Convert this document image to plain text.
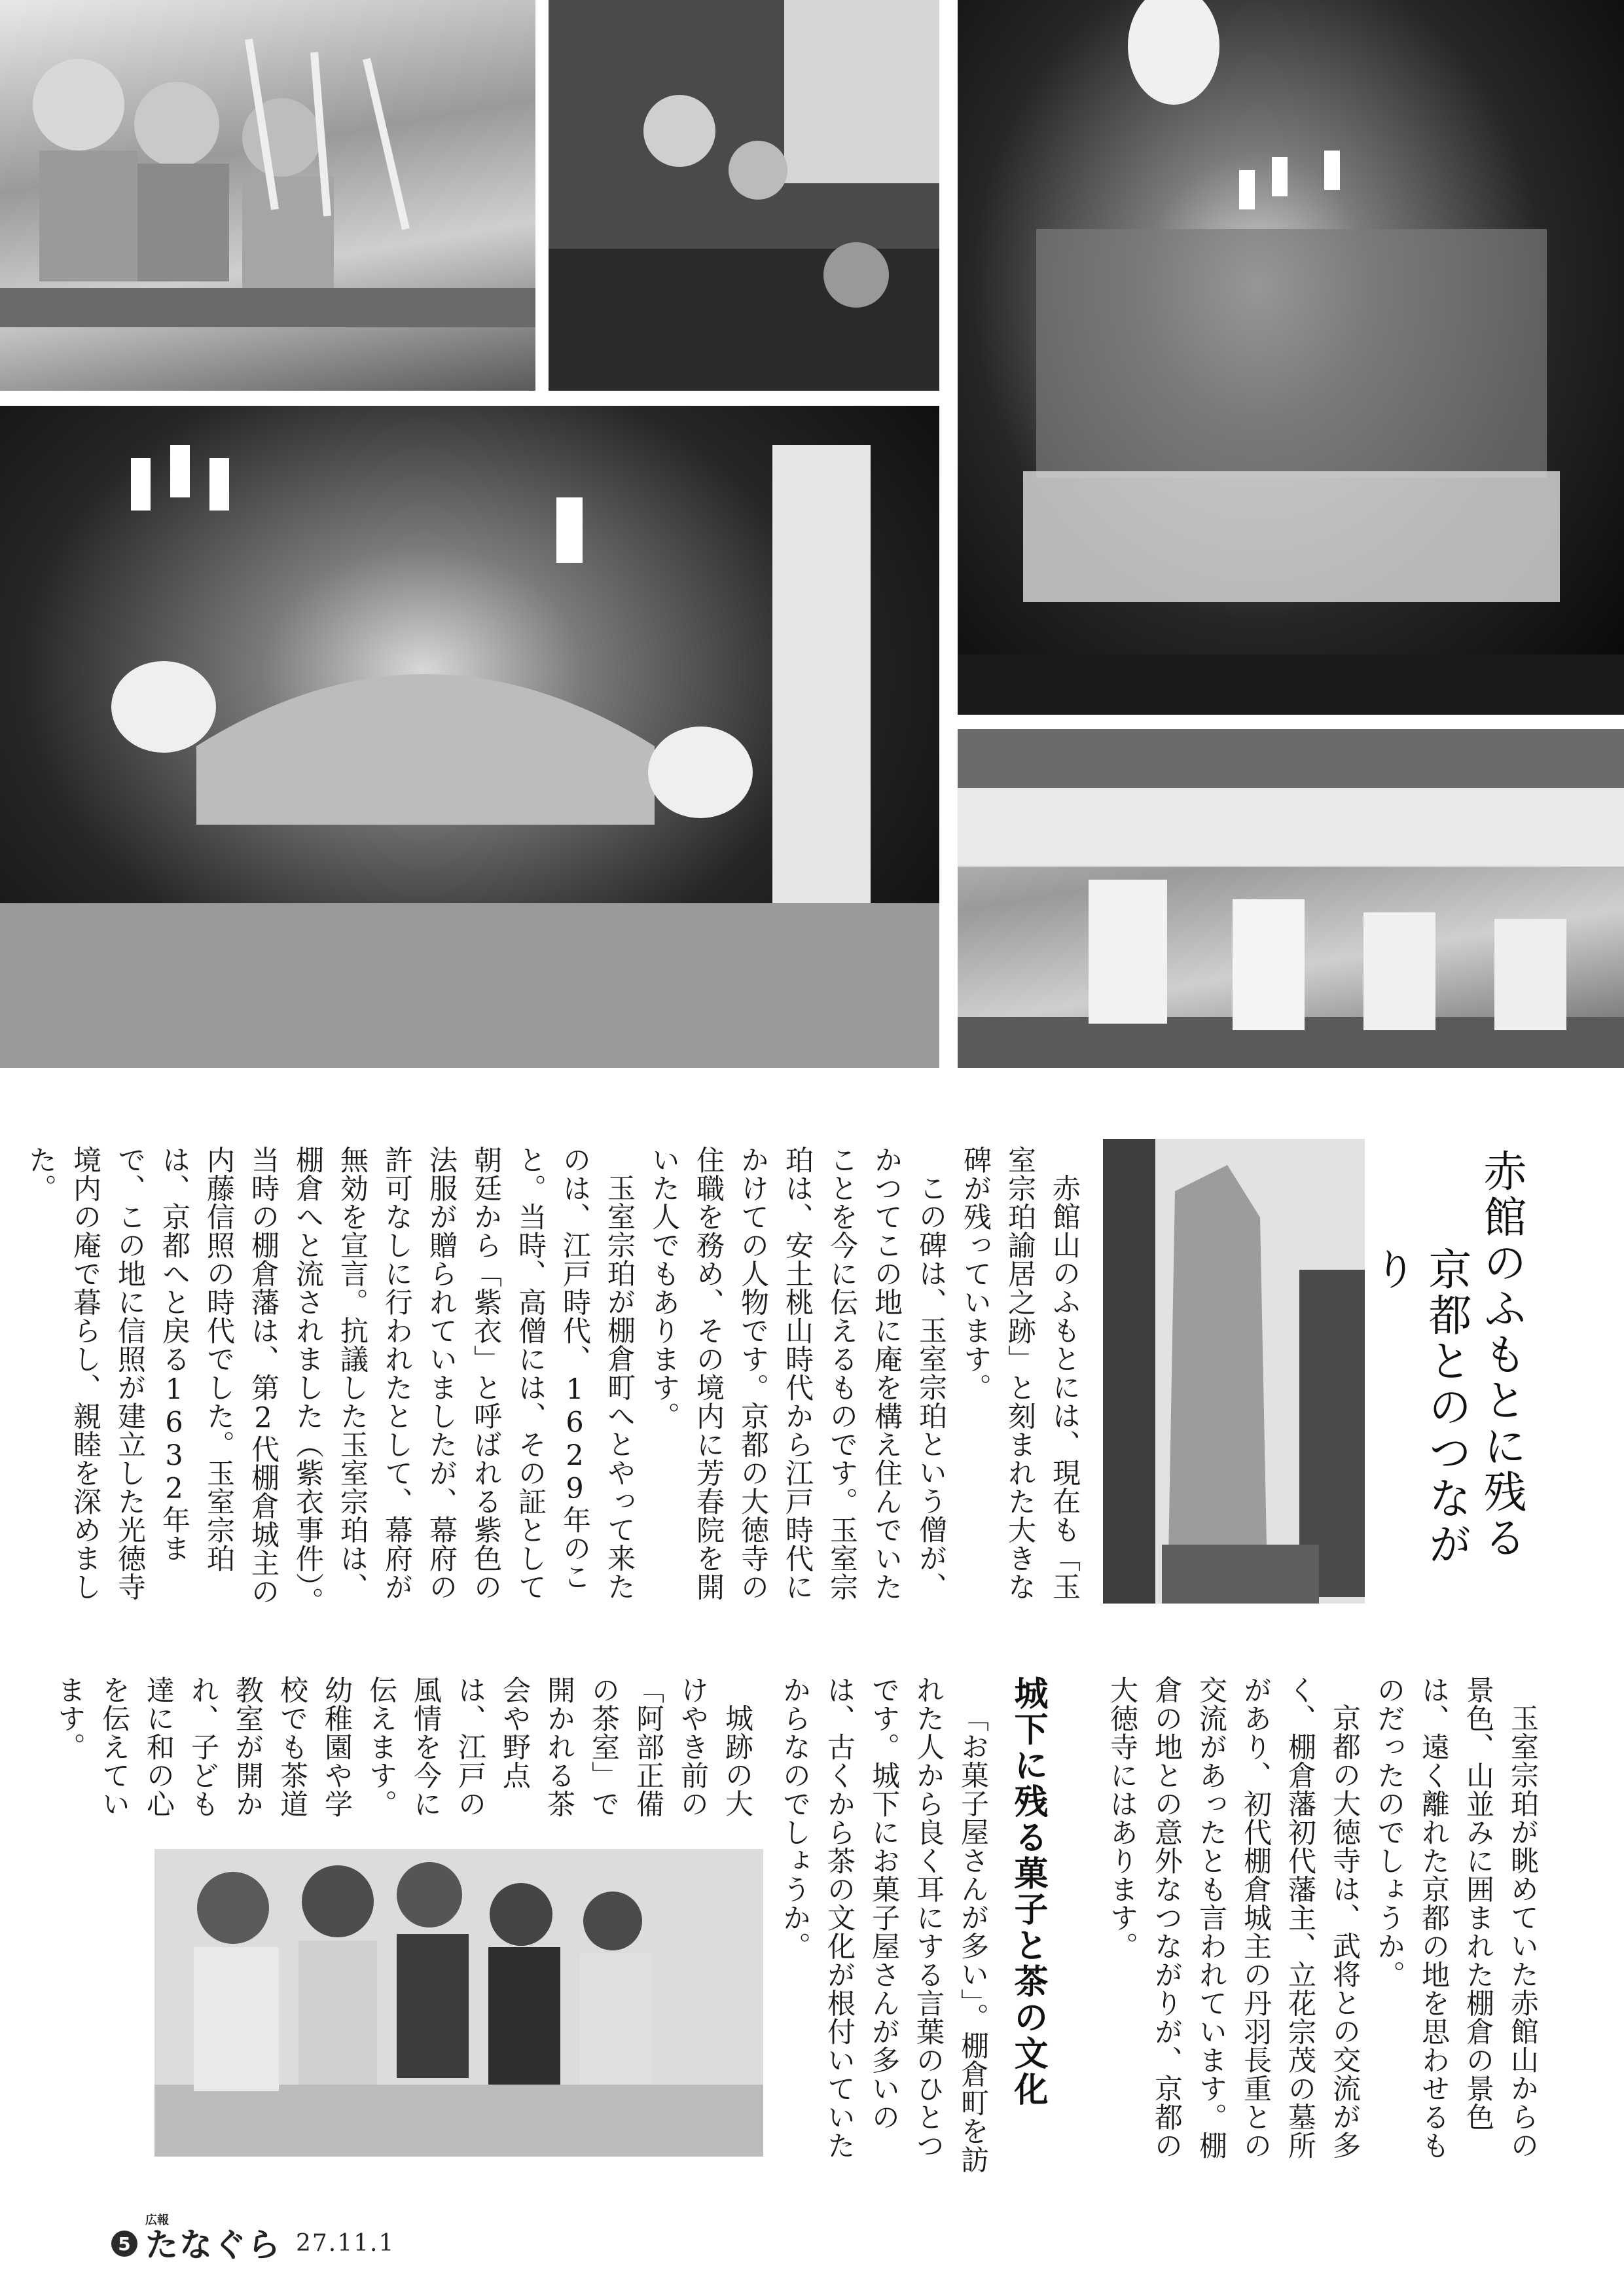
赤館のふもとに残る
京都とのつながり

赤館山のふもとには、現在も「玉室宗珀諭居之跡」と刻まれた大きな碑が残っています。

この碑は、玉室宗珀という僧が、かつてこの地に庵を構え住んでいたことを今に伝えるものです。玉室宗珀は、安土桃山時代から江戸時代にかけての人物です。京都の大徳寺の住職を務め、その境内に芳春院を開いた人でもあります。

玉室宗珀が棚倉町へとやって来たのは、江戸時代、1629年のこと。当時、高僧には、その証として朝廷から「紫衣」と呼ばれる紫色の法服が贈られていましたが、幕府の許可なしに行われたとして、幕府が無効を宣言。抗議した玉室宗珀は、棚倉へと流されました（紫衣事件）。当時の棚倉藩は、第2代棚倉城主の内藤信照の時代でした。玉室宗珀は、京都へと戻る1632年まで、この地に信照が建立した光徳寺境内の庵で暮らし、親睦を深めました。

玉室宗珀が眺めていた赤館山からの景色、山並みに囲まれた棚倉の景色は、遠く離れた京都の地を思わせるものだったのでしょうか。

京都の大徳寺は、武将との交流が多く、棚倉藩初代藩主、立花宗茂の墓所があり、初代棚倉城主の丹羽長重との交流があったとも言われています。棚倉の地との意外なつながりが、京都の大徳寺にはあります。

城下に残る菓子と茶の文化

「お菓子屋さんが多い」。棚倉町を訪れた人から良く耳にする言葉のひとつです。城下にお菓子屋さんが多いのは、古くから茶の文化が根付いていたからなのでしょうか。

城跡の大けやき前の「阿部正備の茶室」で開かれる茶会や野点は、江戸の風情を今に伝えます。幼稚園や学校でも茶道教室が開かれ、子ども達に和の心を伝えています。

5
広報
たなぐら 27.11.1
